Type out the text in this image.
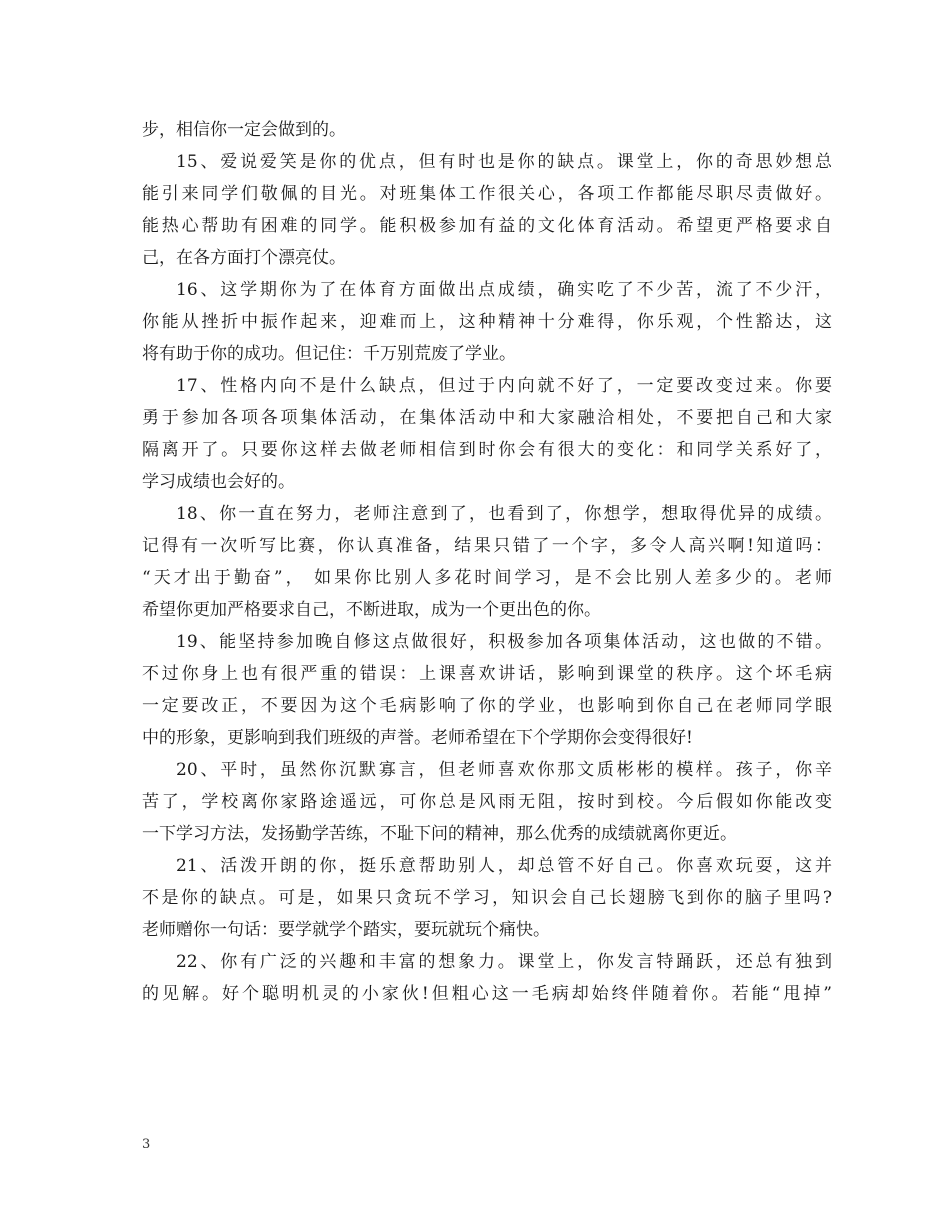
步，相信你一定会做到的。
15、爱说爱笑是你的优点，但有时也是你的缺点。课堂上，你的奇思妙想总
能引来同学们敬佩的目光。对班集体工作很关心，各项工作都能尽职尽责做好。
能热心帮助有困难的同学。能积极参加有益的文化体育活动。希望更严格要求自
己，在各方面打个漂亮仗。
16、这学期你为了在体育方面做出点成绩，确实吃了不少苦，流了不少汗，
你能从挫折中振作起来，迎难而上，这种精神十分难得，你乐观，个性豁达，这
将有助于你的成功。但记住：千万别荒废了学业。
17、性格内向不是什么缺点，但过于内向就不好了，一定要改变过来。你要
勇于参加各项各项集体活动，在集体活动中和大家融洽相处，不要把自己和大家
隔离开了。只要你这样去做老师相信到时你会有很大的变化：和同学关系好了，
学习成绩也会好的。
18、你一直在努力，老师注意到了，也看到了，你想学，想取得优异的成绩。
记得有一次听写比赛，你认真准备，结果只错了一个字，多令人高兴啊!知道吗：
“天才出于勤奋”， 如果你比别人多花时间学习，是不会比别人差多少的。老师
希望你更加严格要求自己，不断进取，成为一个更出色的你。
19、能坚持参加晚自修这点做很好，积极参加各项集体活动，这也做的不错。
不过你身上也有很严重的错误：上课喜欢讲话，影响到课堂的秩序。这个坏毛病
一定要改正，不要因为这个毛病影响了你的学业，也影响到你自己在老师同学眼
中的形象，更影响到我们班级的声誉。老师希望在下个学期你会变得很好!
20、平时，虽然你沉默寡言，但老师喜欢你那文质彬彬的模样。孩子，你辛
苦了，学校离你家路途遥远，可你总是风雨无阻，按时到校。今后假如你能改变
一下学习方法，发扬勤学苦练，不耻下问的精神，那么优秀的成绩就离你更近。
21、活泼开朗的你，挺乐意帮助别人，却总管不好自己。你喜欢玩耍，这并
不是你的缺点。可是，如果只贪玩不学习，知识会自己长翅膀飞到你的脑子里吗?
老师赠你一句话：要学就学个踏实，要玩就玩个痛快。
22、你有广泛的兴趣和丰富的想象力。课堂上，你发言特踊跃，还总有独到
的见解。好个聪明机灵的小家伙!但粗心这一毛病却始终伴随着你。若能“甩掉”
3
